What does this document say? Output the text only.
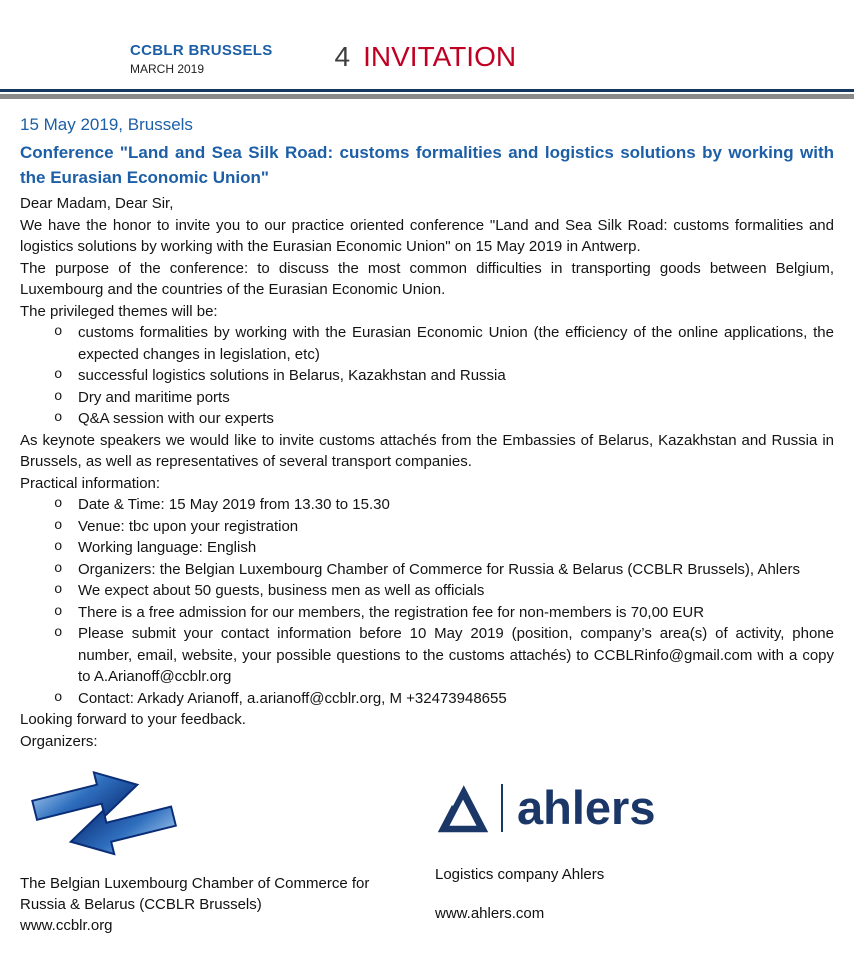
CCBLR BRUSSELS
MARCH 2019	4 INVITATION

15 May 2019, Brussels

Conference "Land and Sea Silk Road: customs formalities and logistics solutions by working with the Eurasian Economic Union"

Dear Madam, Dear Sir,

We have the honor to invite you to our practice oriented conference "Land and Sea Silk Road: customs formalities and logistics solutions by working with the Eurasian Economic Union" on 15 May 2019 in Antwerp.

The purpose of the conference: to discuss the most common difficulties in transporting goods between Belgium, Luxembourg and the countries of the Eurasian Economic Union.

The privileged themes will be:

o	customs formalities by working with the Eurasian Economic Union (the efficiency of the online applications, the expected changes in legislation, etc)
o	successful logistics solutions in Belarus, Kazakhstan and Russia
o	Dry and maritime ports
o	Q&A session with our experts

As keynote speakers we would like to invite customs attachés from the Embassies of Belarus, Kazakhstan and Russia in Brussels, as well as representatives of several transport companies.

Practical information:

o	Date & Time: 15 May 2019 from 13.30 to 15.30
o	Venue: tbc upon your registration
o	Working language: English
o	Organizers: the Belgian Luxembourg Chamber of Commerce for Russia & Belarus (CCBLR Brussels), Ahlers
o	We expect about 50 guests, business men as well as officials
o	There is a free admission for our members, the registration fee for non-members is 70,00 EUR
o	Please submit your contact information before 10 May 2019 (position, company’s area(s) of activity, phone number, email, website, your possible questions to the customs attachés) to CCBLRinfo@gmail.com with a copy to A.Arianoff@ccblr.org
o	Contact: Arkady Arianoff, a.arianoff@ccblr.org, M +32473948655

Looking forward to your feedback.

Organizers:

The Belgian Luxembourg Chamber of Commerce for Russia & Belarus (CCBLR Brussels)
www.ccblr.org
ahlers
Logistics company Ahlers
www.ahlers.com
